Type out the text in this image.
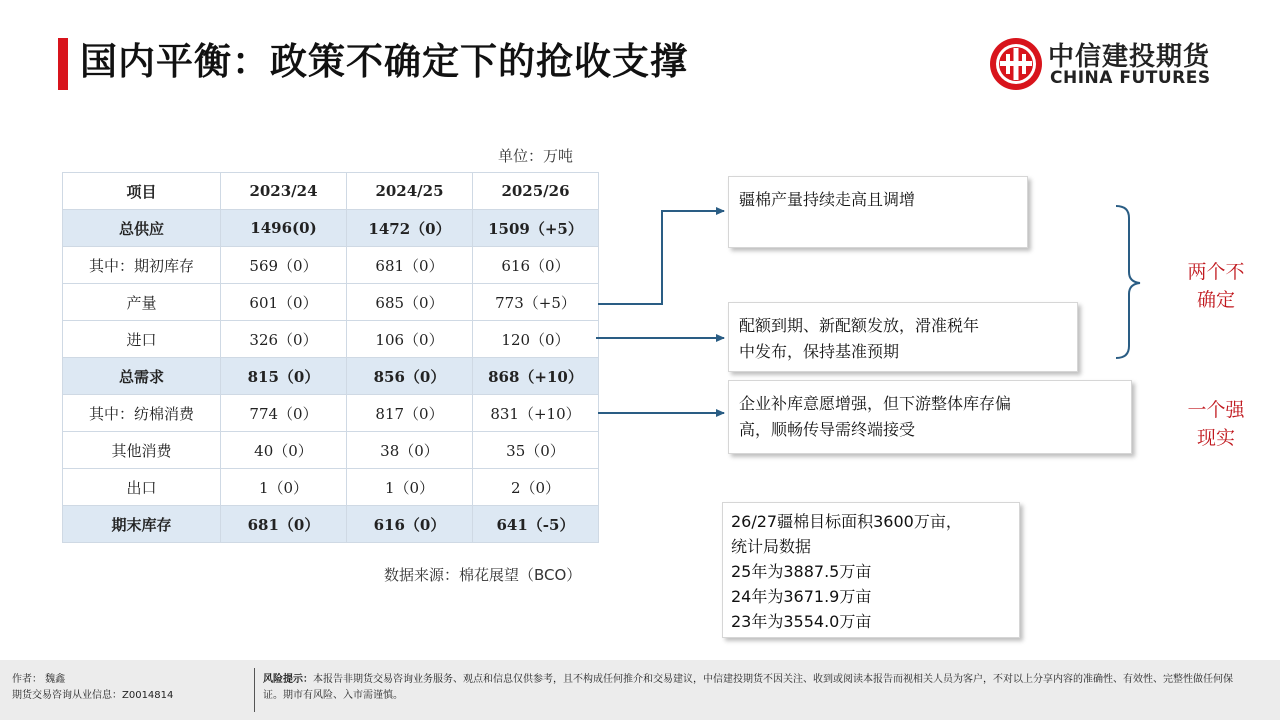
国内平衡：政策不确定下的抢收支撑	中信建投期货
CHINA FUTURES
单位：万吨
项目	2023/24	2024/25	2025/26
总供应	1496(0)	1472（0）	1509（+5）
其中：期初库存	569（0）	681（0）	616（0）
产量	601（0）	685（0）	773（+5）
进口	326（0）	106（0）	120（0）
总需求	815（0）	856（0）	868（+10）
其中：纺棉消费	774（0）	817（0）	831（+10）
其他消费	40（0）	38（0）	35（0）
出口	1（0）	1（0）	2（0）
期末库存	681（0）	616（0）	641（-5）
数据来源：棉花展望（BCO）
疆棉产量持续走高且调增
配额到期、新配额发放，滑准税年
中发布，保持基准预期
企业补库意愿增强，但下游整体库存偏
高，顺畅传导需终端接受
两个不
确定
一个强
现实
26/27疆棉目标面积3600万亩，
统计局数据
25年为3887.5万亩
24年为3671.9万亩
23年为3554.0万亩
作者： 魏鑫
期货交易咨询从业信息：Z0014814
风险提示：本报告非期货交易咨询业务服务、观点和信息仅供参考，且不构成任何推介和交易建议，中信建投期货不因关注、收到或阅读本报告而视相关人员为客户，不对以上分享内容的准确性、有效性、完整性做任何保证。期市有风险、入市需谨慎。
